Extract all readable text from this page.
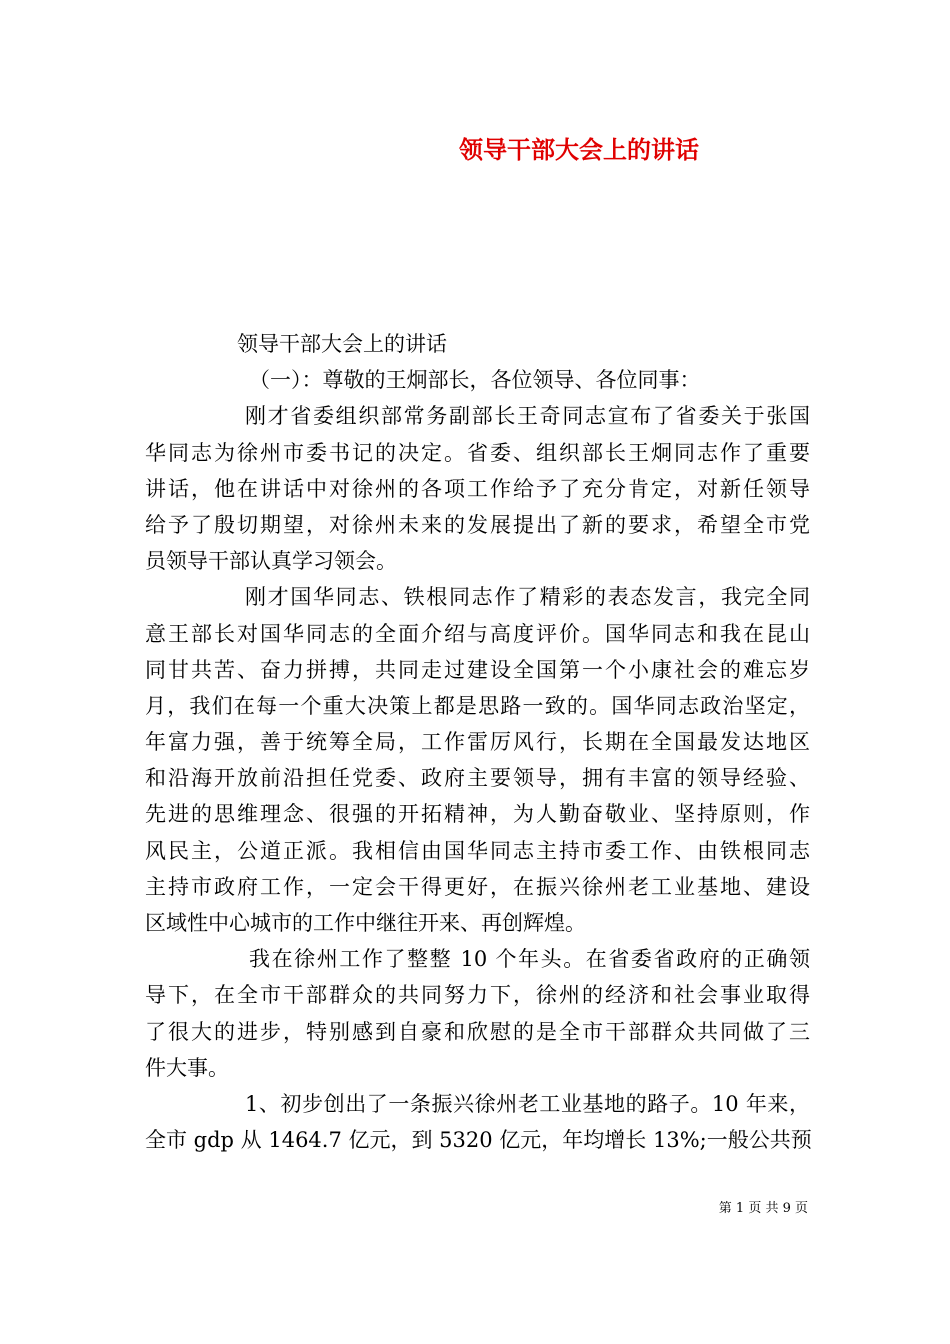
领导干部大会上的讲话
领导干部大会上的讲话
（一）：尊敬的王炯部长，各位领导、各位同事：
刚才省委组织部常务副部长王奇同志宣布了省委关于张国
华同志为徐州市委书记的决定。省委、组织部长王炯同志作了重要
讲话，他在讲话中对徐州的各项工作给予了充分肯定，对新任领导
给予了殷切期望，对徐州未来的发展提出了新的要求，希望全市党
员领导干部认真学习领会。
刚才国华同志、铁根同志作了精彩的表态发言，我完全同
意王部长对国华同志的全面介绍与高度评价。国华同志和我在昆山
同甘共苦、奋力拼搏，共同走过建设全国第一个小康社会的难忘岁
月，我们在每一个重大决策上都是思路一致的。国华同志政治坚定，
年富力强，善于统筹全局，工作雷厉风行，长期在全国最发达地区
和沿海开放前沿担任党委、政府主要领导，拥有丰富的领导经验、
先进的思维理念、很强的开拓精神，为人勤奋敬业、坚持原则，作
风民主，公道正派。我相信由国华同志主持市委工作、由铁根同志
主持市政府工作，一定会干得更好，在振兴徐州老工业基地、建设
区域性中心城市的工作中继往开来、再创辉煌。
我在徐州工作了整整 10 个年头。在省委省政府的正确领
导下，在全市干部群众的共同努力下，徐州的经济和社会事业取得
了很大的进步，特别感到自豪和欣慰的是全市干部群众共同做了三
件大事。
1、初步创出了一条振兴徐州老工业基地的路子。10 年来，
全市 gdp 从 1464.7 亿元，到 5320 亿元，年均增长 13%;一般公共预
第 1 页 共 9 页
